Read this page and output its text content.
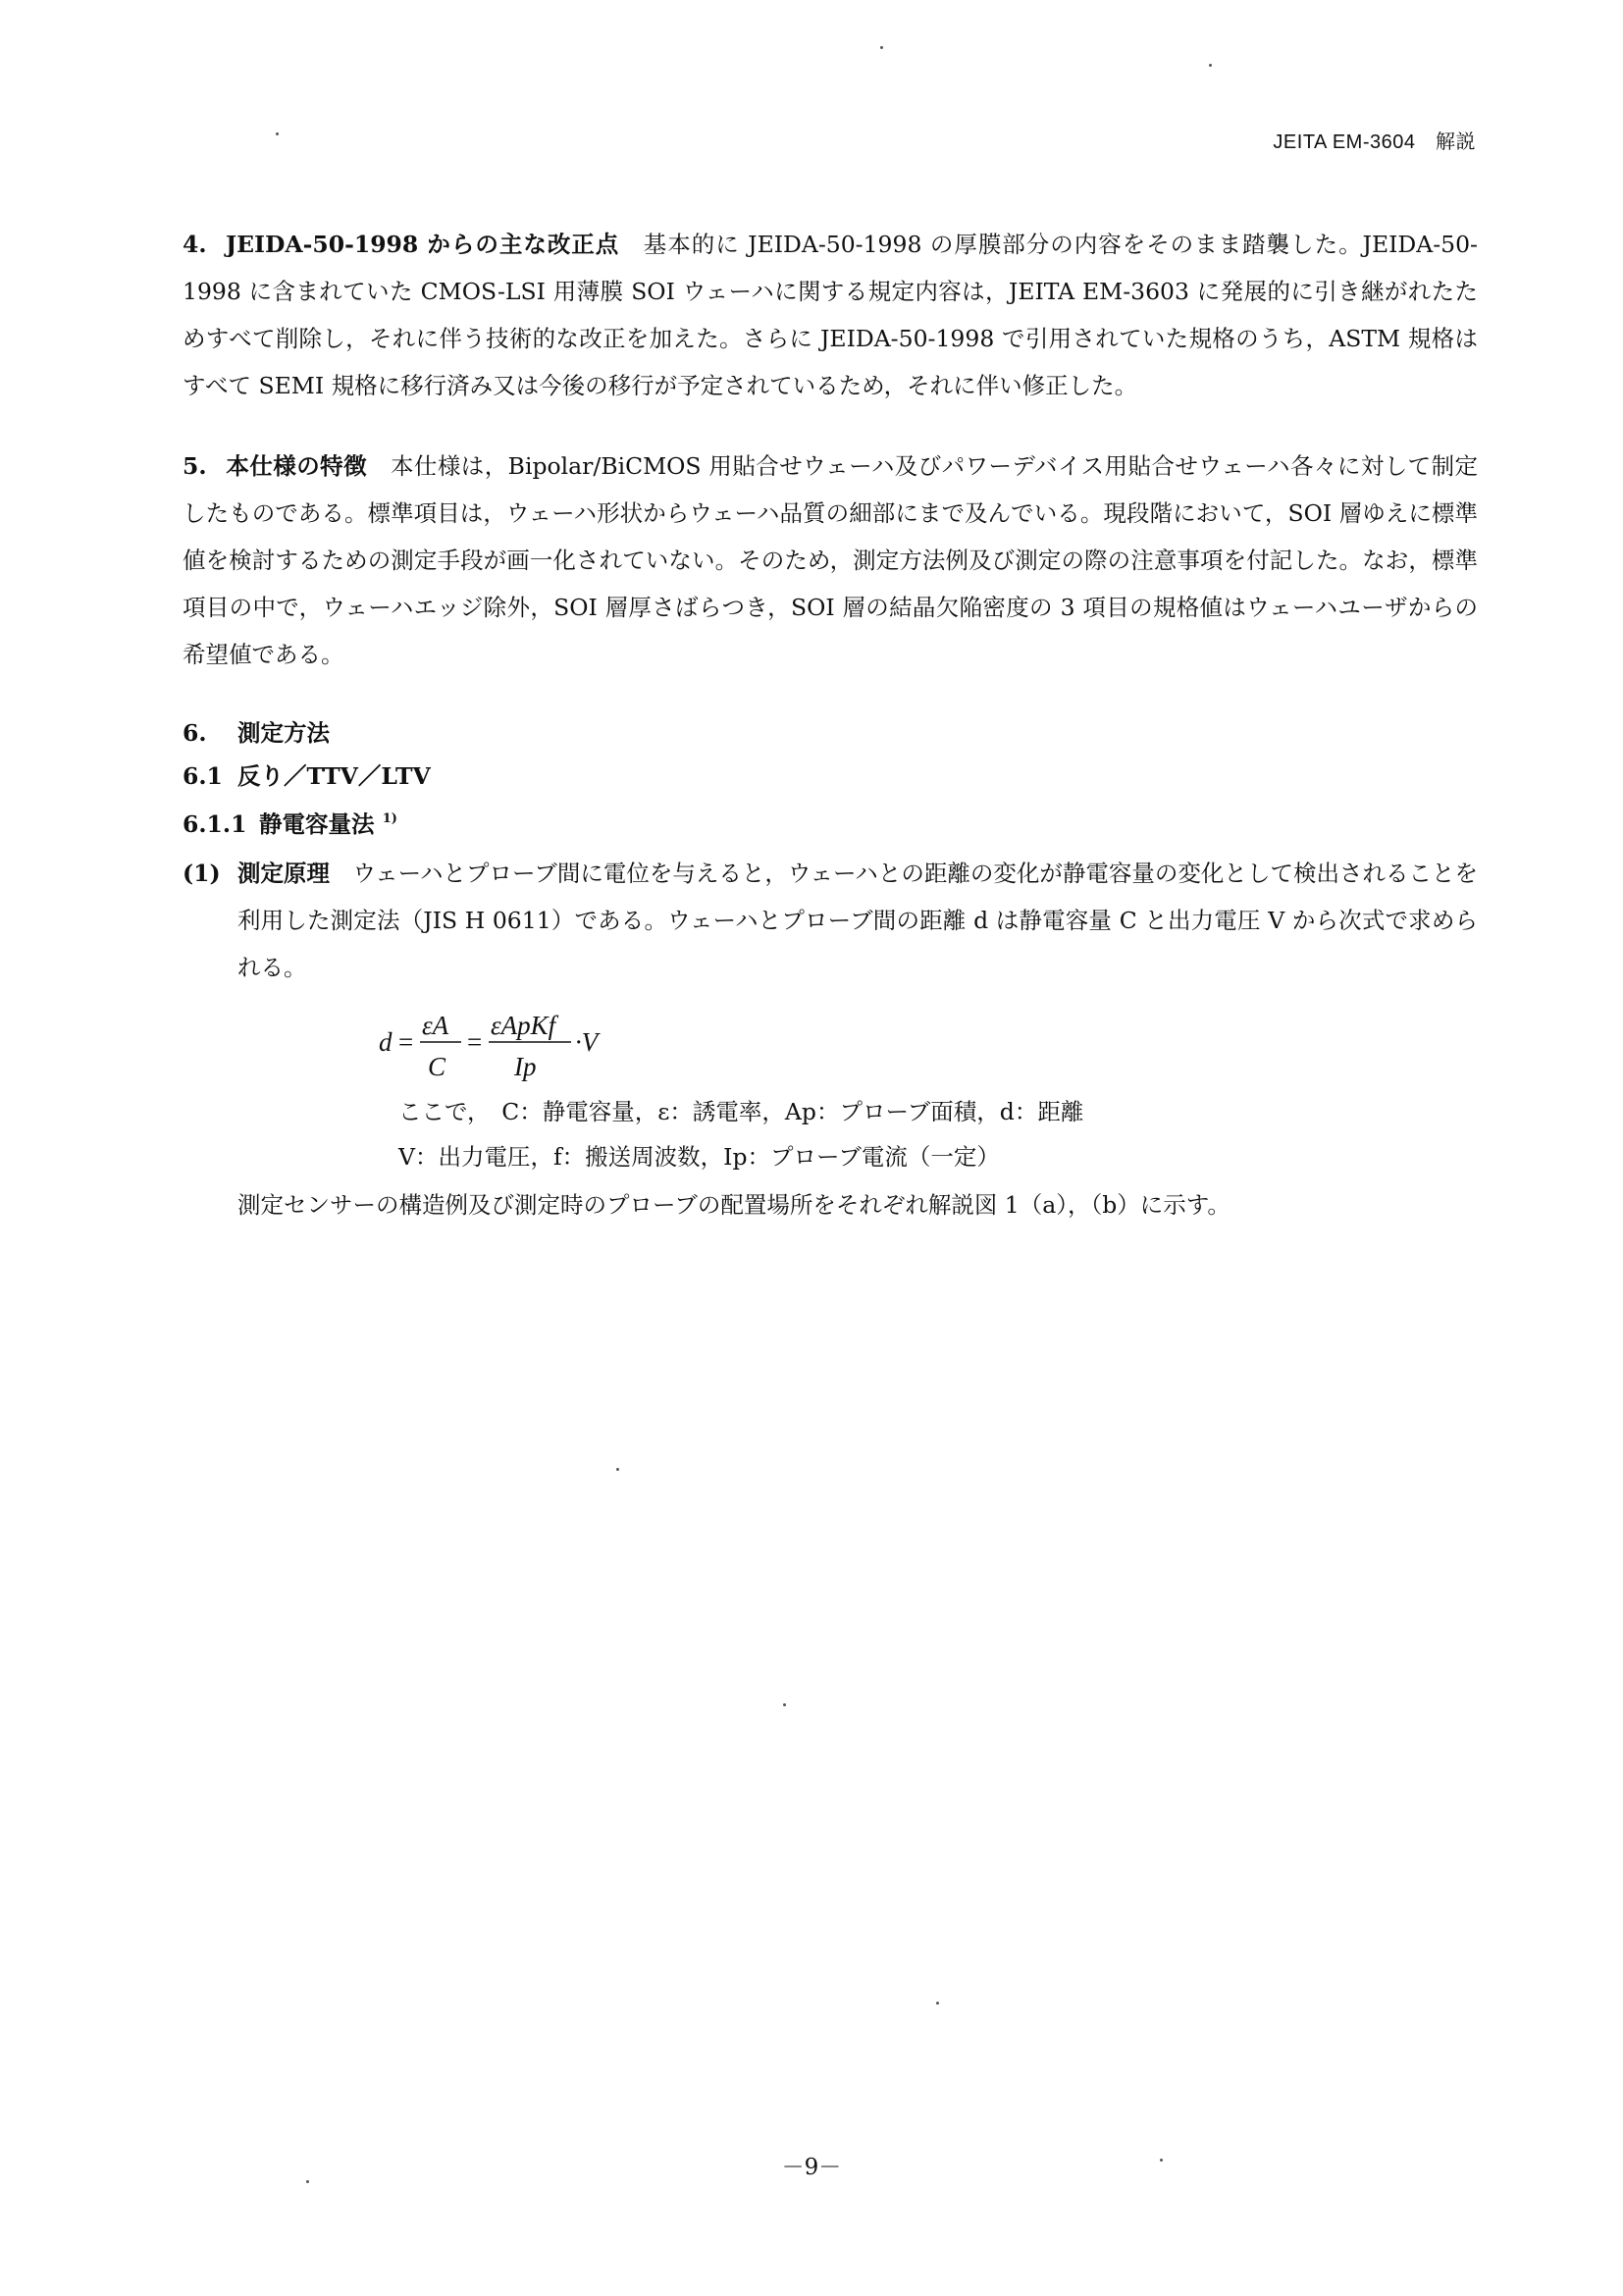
JEITA EM-3604　解説

4. JEIDA-50-1998 からの主な改正点　 基本的に JEIDA-50-1998 の厚膜部分の内容をそのまま踏襲した。JEIDA-50-1998 に含まれていた CMOS-LSI 用薄膜 SOI ウェーハに関する規定内容は，JEITA EM-3603 に発展的に引き継がれたためすべて削除し，それに伴う技術的な改正を加えた。さらに JEIDA-50-1998 で引用されていた規格のうち，ASTM 規格はすべて SEMI 規格に移行済み又は今後の移行が予定されているため，それに伴い修正した。

5. 本仕様の特徴　 本仕様は，Bipolar/BiCMOS 用貼合せウェーハ及びパワーデバイス用貼合せウェーハ各々に対して制定したものである。標準項目は，ウェーハ形状からウェーハ品質の細部にまで及んでいる。現段階において，SOI 層ゆえに標準値を検討するための測定手段が画一化されていない。そのため，測定方法例及び測定の際の注意事項を付記した。なお，標準項目の中で，ウェーハエッジ除外，SOI 層厚さばらつき，SOI 層の結晶欠陥密度の 3 項目の規格値はウェーハユーザからの希望値である。

6. 測定方法

6.1 反り／TTV／LTV

6.1.1 静電容量法 $^{1)}$

(1) 測定原理　 ウェーハとプローブ間に電位を与えると，ウェーハとの距離の変化が静電容量の変化として検出されることを利用した測定法（JIS H 0611）である。ウェーハとプローブ間の距離 d は静電容量 C と出力電圧 V から次式で求められる。
d =
εA
C
=
εApKf
Ip
·V
ここで，　C：静電容量，ε：誘電率，Ap：プローブ面積，d：距離
V：出力電圧，f：搬送周波数，Ip：プローブ電流（一定）
測定センサーの構造例及び測定時のプローブの配置場所をそれぞれ解説図 1（a），（b）に示す。
－9－
